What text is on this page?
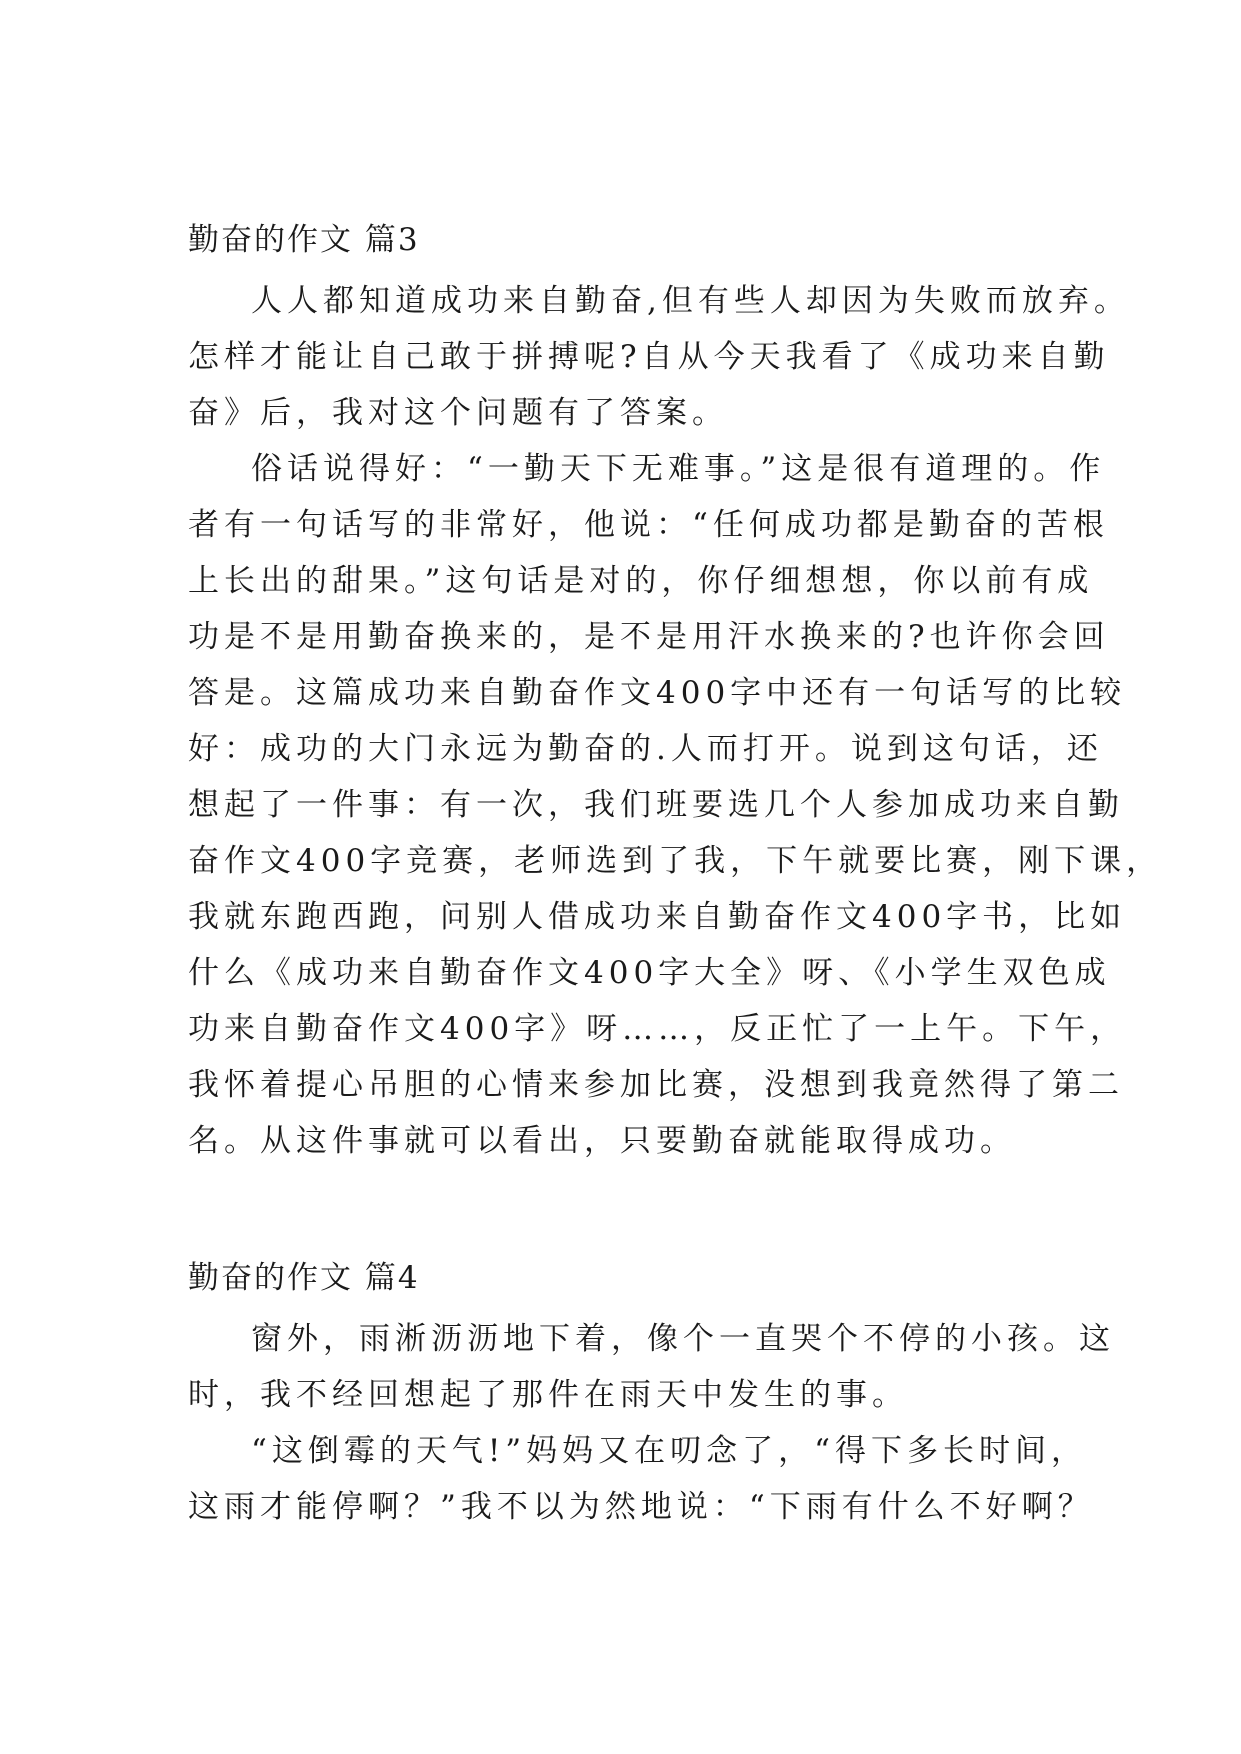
勤奋的作文 篇3
人人都知道成功来自勤奋,但有些人却因为失败而放弃。
怎样才能让自己敢于拼搏呢?自从今天我看了《成功来自勤
奋》后，我对这个问题有了答案。
俗话说得好：“一勤天下无难事。”这是很有道理的。作
者有一句话写的非常好，他说：“任何成功都是勤奋的苦根
上长出的甜果。”这句话是对的，你仔细想想，你以前有成
功是不是用勤奋换来的，是不是用汗水换来的?也许你会回
答是。这篇成功来自勤奋作文400字中还有一句话写的比较
好：成功的大门永远为勤奋的.人而打开。说到这句话，还
想起了一件事：有一次，我们班要选几个人参加成功来自勤
奋作文400字竞赛，老师选到了我，下午就要比赛，刚下课，
我就东跑西跑，问别人借成功来自勤奋作文400字书，比如
什么《成功来自勤奋作文400字大全》呀、《小学生双色成
功来自勤奋作文400字》呀……，反正忙了一上午。下午，
我怀着提心吊胆的心情来参加比赛，没想到我竟然得了第二
名。从这件事就可以看出，只要勤奋就能取得成功。
勤奋的作文 篇4
窗外，雨淅沥沥地下着，像个一直哭个不停的小孩。这
时，我不经回想起了那件在雨天中发生的事。
“这倒霉的天气!”妈妈又在叨念了，“得下多长时间，
这雨才能停啊？”我不以为然地说：“下雨有什么不好啊？
